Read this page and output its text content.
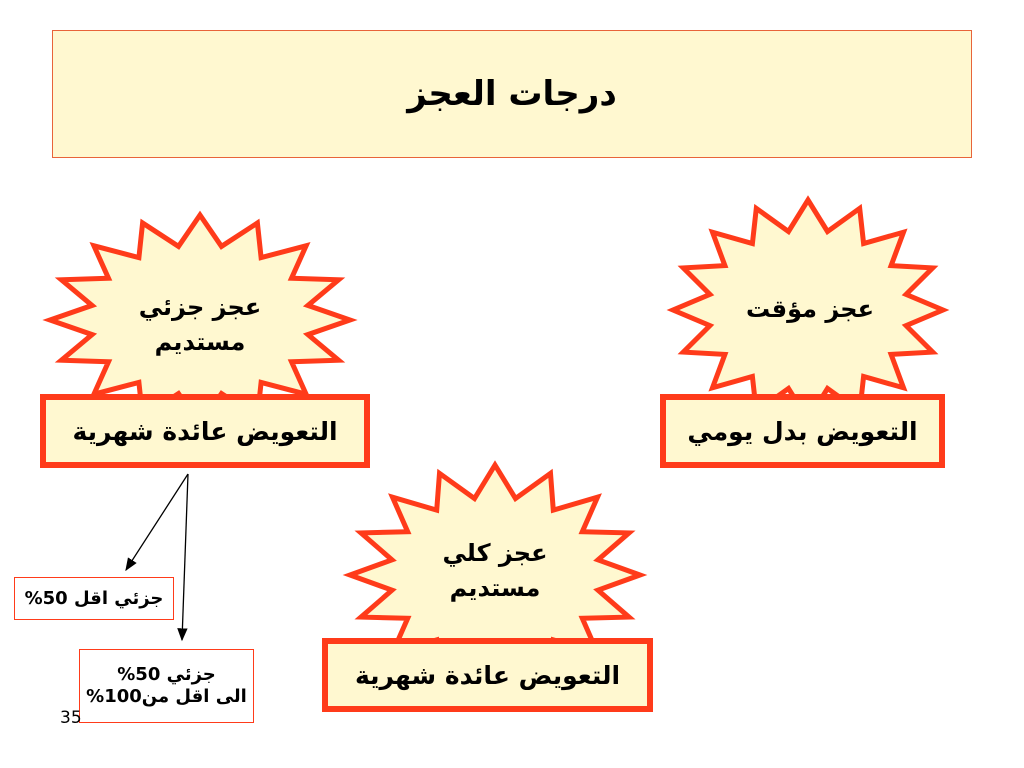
درجات العجز
عجز مؤقت
عجز جزئي
مستديم
عجز كلي
مستديم
التعويض بدل يومي
التعويض عائدة شهرية
التعويض عائدة شهرية
جزئي اقل 50%
جزئي 50%
الى اقل من100%
35
